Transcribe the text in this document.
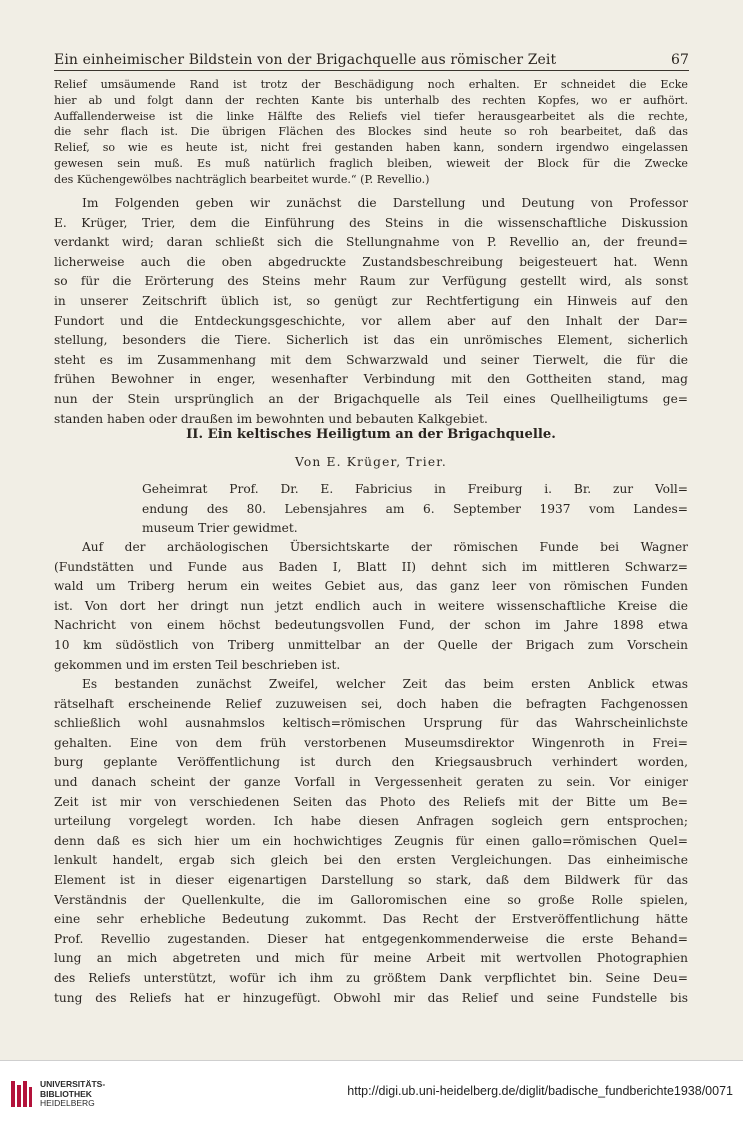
Ein einheimischer Bildstein von der Brigachquelle aus römischer Zeit	67
Relief umsäumende Rand ist trotz der Beschädigung noch erhalten. Er schneidet die Ecke
hier ab und folgt dann der rechten Kante bis unterhalb des rechten Kopfes, wo er aufhört.
Auffallenderweise ist die linke Hälfte des Reliefs viel tiefer herausgearbeitet als die rechte,
die sehr flach ist. Die übrigen Flächen des Blockes sind heute so roh bearbeitet, daß das
Relief, so wie es heute ist, nicht frei gestanden haben kann, sondern irgendwo eingelassen
gewesen sein muß. Es muß natürlich fraglich bleiben, wieweit der Block für die Zwecke
des Küchengewölbes nachträglich bearbeitet wurde.“ (P. Revellio.)
Im Folgenden geben wir zunächst die Darstellung und Deutung von Professor
E. Krüger, Trier, dem die Einführung des Steins in die wissenschaftliche Diskussion
verdankt wird; daran schließt sich die Stellungnahme von P. Revellio an, der freund=
licherweise auch die oben abgedruckte Zustandsbeschreibung beigesteuert hat. Wenn
so für die Erörterung des Steins mehr Raum zur Verfügung gestellt wird, als sonst
in unserer Zeitschrift üblich ist, so genügt zur Rechtfertigung ein Hinweis auf den
Fundort und die Entdeckungsgeschichte, vor allem aber auf den Inhalt der Dar=
stellung, besonders die Tiere. Sicherlich ist das ein unrömisches Element, sicherlich
steht es im Zusammenhang mit dem Schwarzwald und seiner Tierwelt, die für die
frühen Bewohner in enger, wesenhafter Verbindung mit den Gottheiten stand, mag
nun der Stein ursprünglich an der Brigachquelle als Teil eines Quellheiligtums ge=
standen haben oder draußen im bewohnten und bebauten Kalkgebiet.
II. Ein keltisches Heiligtum an der Brigachquelle.
Von E. Krüger, Trier.
Geheimrat Prof. Dr. E. Fabricius in Freiburg i. Br. zur Voll=
endung des 80. Lebensjahres am 6. September 1937 vom Landes=
museum Trier gewidmet.
Auf der archäologischen Übersichtskarte der römischen Funde bei Wagner
(Fundstätten und Funde aus Baden I, Blatt II) dehnt sich im mittleren Schwarz=
wald um Triberg herum ein weites Gebiet aus, das ganz leer von römischen Funden
ist. Von dort her dringt nun jetzt endlich auch in weitere wissenschaftliche Kreise die
Nachricht von einem höchst bedeutungsvollen Fund, der schon im Jahre 1898 etwa
10 km südöstlich von Triberg unmittelbar an der Quelle der Brigach zum Vorschein
gekommen und im ersten Teil beschrieben ist.
Es bestanden zunächst Zweifel, welcher Zeit das beim ersten Anblick etwas
rätselhaft erscheinende Relief zuzuweisen sei, doch haben die befragten Fachgenossen
schließlich wohl ausnahmslos keltisch=römischen Ursprung für das Wahrscheinlichste
gehalten. Eine von dem früh verstorbenen Museumsdirektor Wingenroth in Frei=
burg geplante Veröffentlichung ist durch den Kriegsausbruch verhindert worden,
und danach scheint der ganze Vorfall in Vergessenheit geraten zu sein. Vor einiger
Zeit ist mir von verschiedenen Seiten das Photo des Reliefs mit der Bitte um Be=
urteilung vorgelegt worden. Ich habe diesen Anfragen sogleich gern entsprochen;
denn daß es sich hier um ein hochwichtiges Zeugnis für einen gallo=römischen Quel=
lenkult handelt, ergab sich gleich bei den ersten Vergleichungen. Das einheimische
Element ist in dieser eigenartigen Darstellung so stark, daß dem Bildwerk für das
Verständnis der Quellenkulte, die im Galloromischen eine so große Rolle spielen,
eine sehr erhebliche Bedeutung zukommt. Das Recht der Erstveröffentlichung hätte
Prof. Revellio zugestanden. Dieser hat entgegenkommenderweise die erste Behand=
lung an mich abgetreten und mich für meine Arbeit mit wertvollen Photographien
des Reliefs unterstützt, wofür ich ihm zu größtem Dank verpflichtet bin. Seine Deu=
tung des Reliefs hat er hinzugefügt. Obwohl mir das Relief und seine Fundstelle bis
UNIVERSITÄTS-
BIBLIOTHEK
HEIDELBERG
http://digi.ub.uni-heidelberg.de/diglit/badische_fundberichte1938/0071
